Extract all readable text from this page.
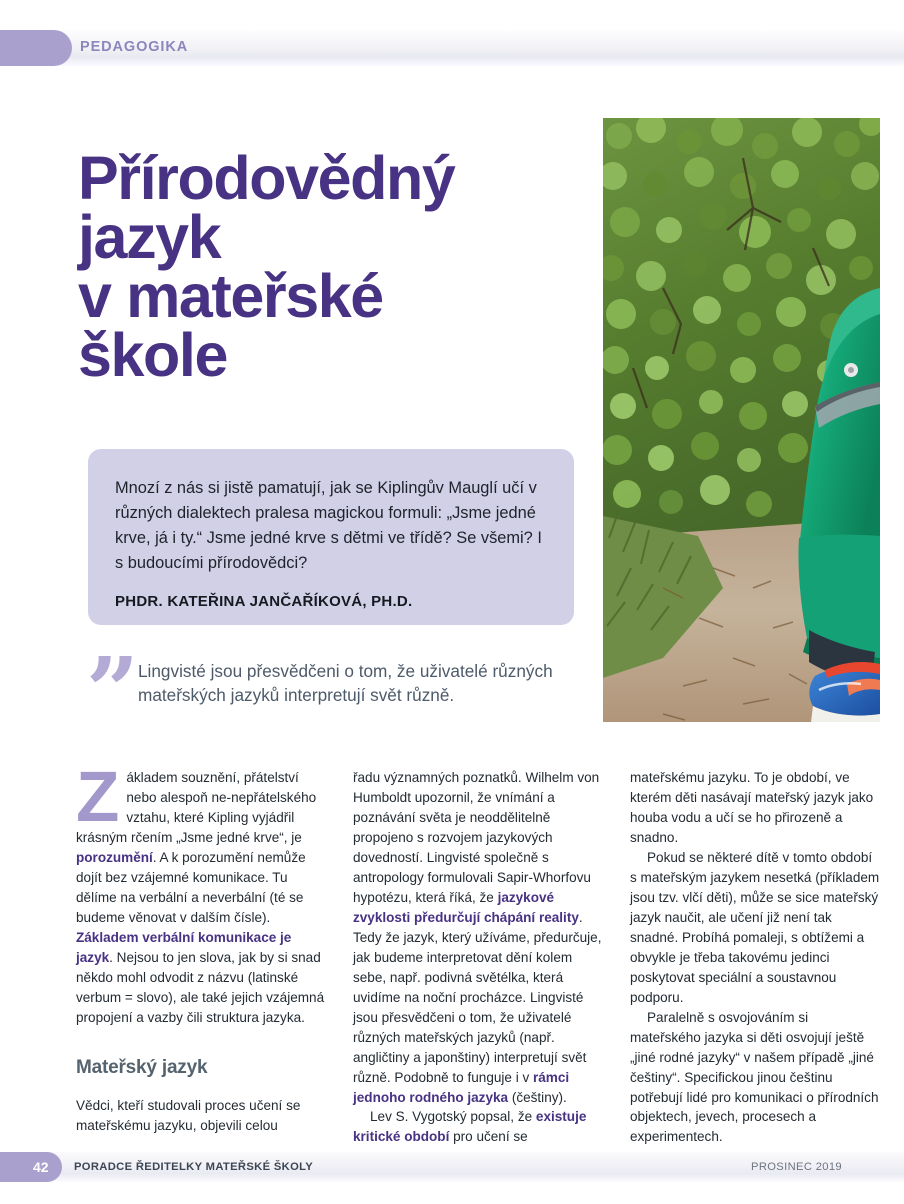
PEDAGOGIKA
Přírodovědný
jazyk
v mateřské
škole
Mnozí z nás si jistě pamatují, jak se Kiplingův Mauglí učí v různých dialektech pralesa magickou formuli: „Jsme jedné krve, já i ty.“ Jsme jedné krve s dětmi ve třídě? Se všemi? I s budoucími přírodovědci?
PHDR. KATEŘINA JANČAŘÍKOVÁ, PH.D.
” Lingvisté jsou přesvědčeni o tom, že uživatelé různých mateřských jazyků interpretují svět různě.

Základem souznění, přátelství nebo alespoň ne-nepřátelského vztahu, které Kipling vyjádřil krásným rčením „Jsme jedné krve“, je porozumění. A k porozumění nemůže dojít bez vzájemné komunikace. Tu dělíme na verbální a neverbální (té se budeme věnovat v dalším čísle). Základem verbální komunikace je jazyk. Nejsou to jen slova, jak by si snad někdo mohl odvodit z názvu (latinské verbum = slovo), ale také jejich vzájemná propojení a vazby čili struktura jazyka.

Mateřský jazyk

Vědci, kteří studovali proces učení se mateřskému jazyku, objevili celou

řadu významných poznatků. Wilhelm von Humboldt upozornil, že vnímání a poznávání světa je neoddělitelně propojeno s rozvojem jazykových dovedností. Lingvisté společně s antropology formulovali Sapir-Whorfovu hypotézu, která říká, že jazykové zvyklosti předurčují chápání reality. Tedy že jazyk, který užíváme, předurčuje, jak budeme interpretovat dění kolem sebe, např. podivná světélka, která uvidíme na noční procházce. Lingvisté jsou přesvědčeni o tom, že uživatelé různých mateřských jazyků (např. angličtiny a japonštiny) interpretují svět různě. Podobně to funguje i v rámci jednoho rodného jazyka (češtiny).

Lev S. Vygotský popsal, že existuje kritické období pro učení se

mateřskému jazyku. To je období, ve kterém děti nasávají mateřský jazyk jako houba vodu a učí se ho přirozeně a snadno.

Pokud se některé dítě v tomto období s mateřským jazykem nesetká (příkladem jsou tzv. vlčí děti), může se sice mateřský jazyk naučit, ale učení již není tak snadné. Probíhá pomaleji, s obtížemi a obvykle je třeba takovému jedinci poskytovat speciální a soustavnou podporu.

Paralelně s osvojováním si mateřského jazyka si děti osvojují ještě „jiné rodné jazyky“ v našem případě „jiné češtiny“. Specifickou jinou češtinu potřebují lidé pro komunikaci o přírodních objektech, jevech, procesech a experimentech.

42 PORADCE ŘEDITELKY MATEŘSKÉ ŠKOLY	PROSINEC 2019
